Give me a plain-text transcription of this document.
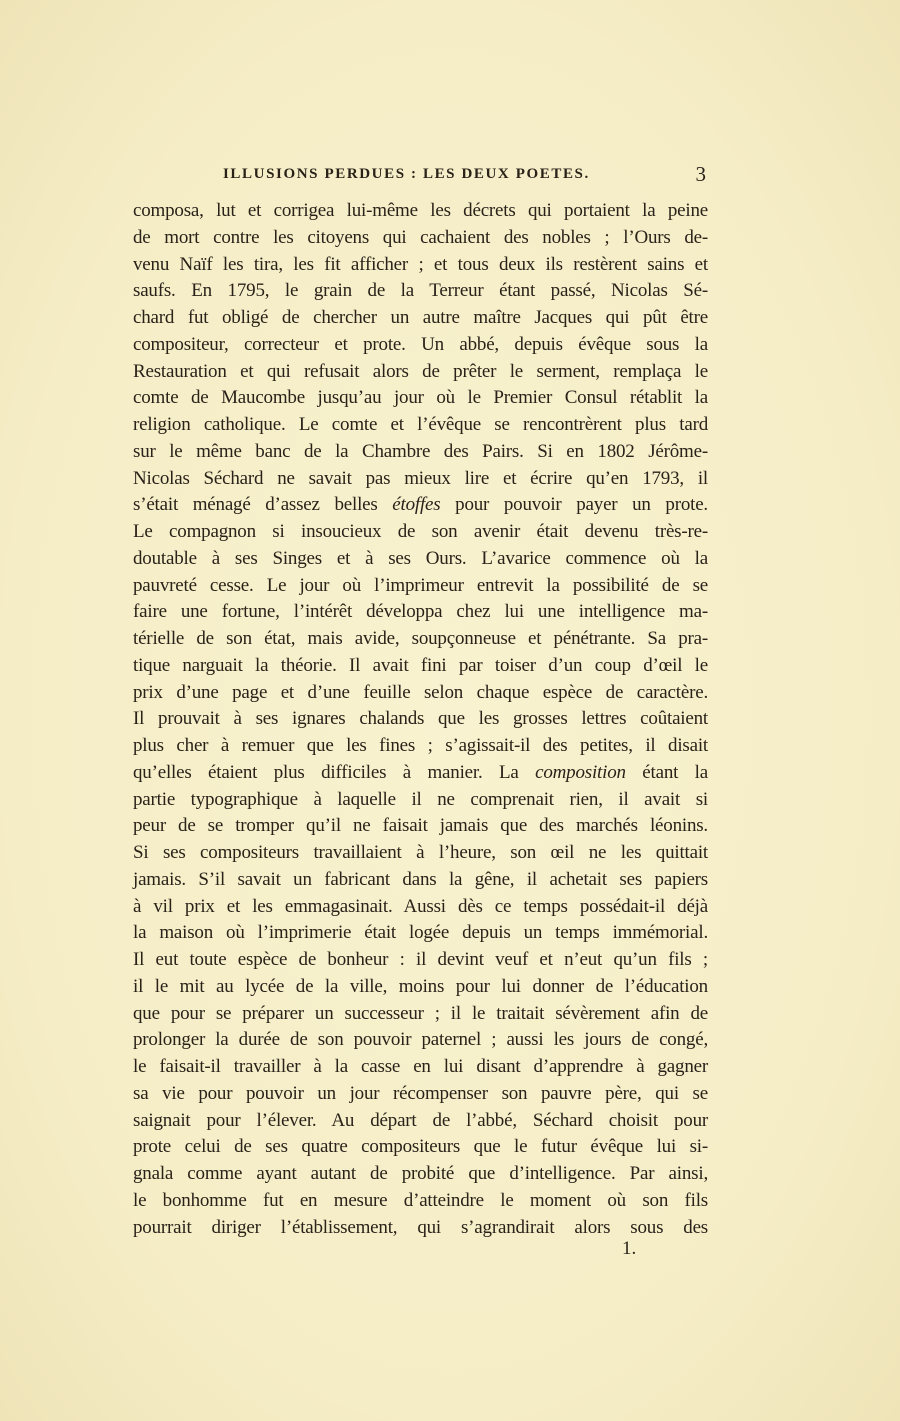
ILLUSIONS PERDUES : LES DEUX POETES.	3
composa, lut et corrigea lui-même les décrets qui portaient la peine
de mort contre les citoyens qui cachaient des nobles ; l’Ours de-
venu Naïf les tira, les fit afficher ; et tous deux ils restèrent sains et
saufs. En 1795, le grain de la Terreur étant passé, Nicolas Sé-
chard fut obligé de chercher un autre maître Jacques qui pût être
compositeur, correcteur et prote. Un abbé, depuis évêque sous la
Restauration et qui refusait alors de prêter le serment, remplaça le
comte de Maucombe jusqu’au jour où le Premier Consul rétablit la
religion catholique. Le comte et l’évêque se rencontrèrent plus tard
sur le même banc de la Chambre des Pairs. Si en 1802 Jérôme-
Nicolas Séchard ne savait pas mieux lire et écrire qu’en 1793, il
s’était ménagé d’assez belles étoffes pour pouvoir payer un prote.
Le compagnon si insoucieux de son avenir était devenu très-re-
doutable à ses Singes et à ses Ours. L’avarice commence où la
pauvreté cesse. Le jour où l’imprimeur entrevit la possibilité de se
faire une fortune, l’intérêt développa chez lui une intelligence ma-
térielle de son état, mais avide, soupçonneuse et pénétrante. Sa pra-
tique narguait la théorie. Il avait fini par toiser d’un coup d’œil le
prix d’une page et d’une feuille selon chaque espèce de caractère.
Il prouvait à ses ignares chalands que les grosses lettres coûtaient
plus cher à remuer que les fines ; s’agissait-il des petites, il disait
qu’elles étaient plus difficiles à manier. La composition étant la
partie typographique à laquelle il ne comprenait rien, il avait si
peur de se tromper qu’il ne faisait jamais que des marchés léonins.
Si ses compositeurs travaillaient à l’heure, son œil ne les quittait
jamais. S’il savait un fabricant dans la gêne, il achetait ses papiers
à vil prix et les emmagasinait. Aussi dès ce temps possédait-il déjà
la maison où l’imprimerie était logée depuis un temps immémorial.
Il eut toute espèce de bonheur : il devint veuf et n’eut qu’un fils ;
il le mit au lycée de la ville, moins pour lui donner de l’éducation
que pour se préparer un successeur ; il le traitait sévèrement afin de
prolonger la durée de son pouvoir paternel ; aussi les jours de congé,
le faisait-il travailler à la casse en lui disant d’apprendre à gagner
sa vie pour pouvoir un jour récompenser son pauvre père, qui se
saignait pour l’élever. Au départ de l’abbé, Séchard choisit pour
prote celui de ses quatre compositeurs que le futur évêque lui si-
gnala comme ayant autant de probité que d’intelligence. Par ainsi,
le bonhomme fut en mesure d’atteindre le moment où son fils
pourrait diriger l’établissement, qui s’agrandirait alors sous des
1.
